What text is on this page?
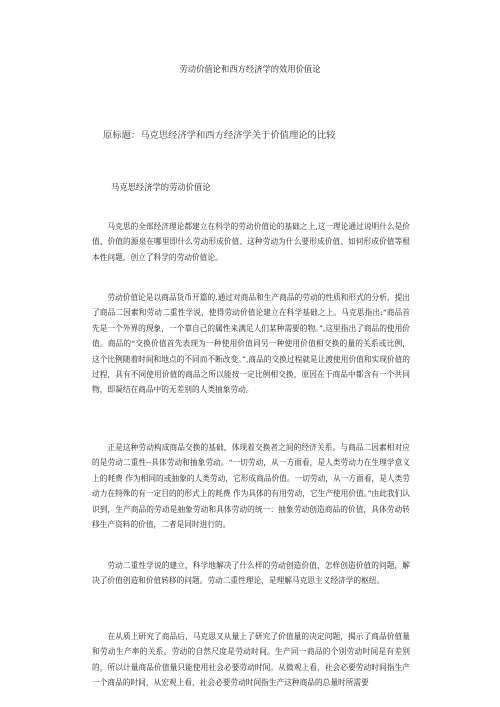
劳动价值论和西方经济学的效用价值论
原标题：马克思经济学和西方经济学关于价值理论的比较
马克思经济学的劳动价值论

马克思的全部经济理论都建立在科学的劳动价值论的基础之上,这一理论通过说明什么是价值、价值的源泉在哪里即什么劳动形成价值、这种劳动为什么要形成价值、如何形成价值等根本性问题，创立了科学的劳动价值论。

劳动价值论是以商品货币开篇的,通过对商品和生产商品的劳动的性质和形式的分析，提出了商品二因素和劳动二重性学说，使得劳动价值论建立在科学基础之上。马克思指出:“商品首先是一个外界的现象，一个靠自己的属性来满足人们某种需要的物。”,这里指出了商品的使用价值。商品的“交换价值首先表现为一种使用价值同另一种使用价值相交换的量的关系或比例，这个比例随着时间和地点的不同而不断改变。”,商品的交换过程就是让渡使用价值和实现价值的过程，具有不同使用价值的商品之所以能按一定比例相交换，原因在于商品中都含有一个共同物，即凝结在商品中的无差别的人类抽象劳动。

正是这种劳动构成商品交换的基础，体现着交换者之间的经济关系。与商品二因素相对应的是劳动二重性--具体劳动和抽象劳动。“一切劳动，从一方面看，是人类劳动力在生理学意义上的耗费 作为相同的或抽象的人类劳动，它形成商品价值。一切劳动，从一方面看，是人类劳动力在特殊的有一定目的的形式上的耗费 作为具体的有用劳动，它生产使用价值。”由此我们认识到，生产商品的劳动是抽象劳动和具体劳动的统一：抽象劳动创造商品的价值，具体劳动转移生产资料的价值，二者是同时进行的。

劳动二重性学说的建立，科学地解决了什么样的劳动创造价值、怎样创造价值的问题，解决了价值创造和价值转移的问题。劳动二重性理论，是理解马克思主义经济学的枢纽。

在从质上研究了商品后，马克思又从量上了研究了价值量的决定问题，揭示了商品价值量和劳动生产率的关系。劳动的自然尺度是劳动时间。生产同一商品的个别劳动时间是有差别的，所以计量商品价值量只能使用社会必要劳动时间。从微观上看，社会必要劳动时间指生产一个商品的时间，从宏观上看，社会必要劳动时间指生产这种商品的总量时所需要
